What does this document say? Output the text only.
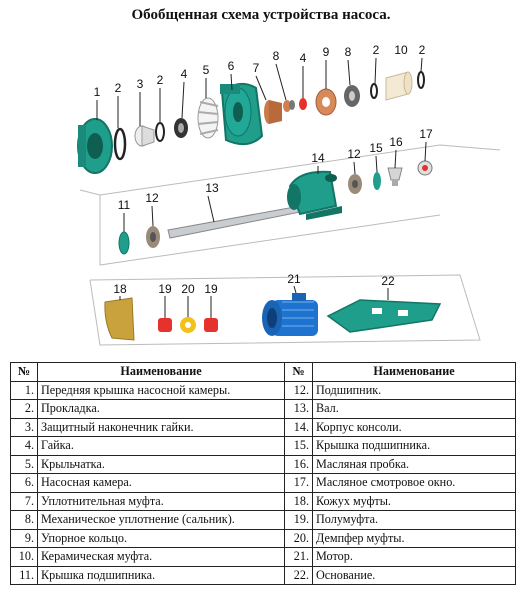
Обобщенная схема устройства насоса.
1 2 3 2 4 5 6 7
8 4 9 8 2 10 2
11 12
13
14 12 15 16
17
18	19 20 19
21	22
№	Наименование	№	Наименование
1.	Передняя крышка насосной камеры.	12.	Подшипник.
2.	Прокладка.	13.	Вал.
3.	Защитный наконечник гайки.	14.	Корпус консоли.
4.	Гайка.	15.	Крышка подшипника.
5.	Крыльчатка.	16.	Масляная пробка.
6.	Насосная камера.	17.	Масляное смотровое окно.
7.	Уплотнительная муфта.	18.	Кожух муфты.
8.	Механическое уплотнение (сальник).	19.	Полумуфта.
9.	Упорное кольцо.	20.	Демпфер муфты.
10.	Керамическая муфта.	21.	Мотор.
11.	Крышка подшипника.	22.	Основание.
